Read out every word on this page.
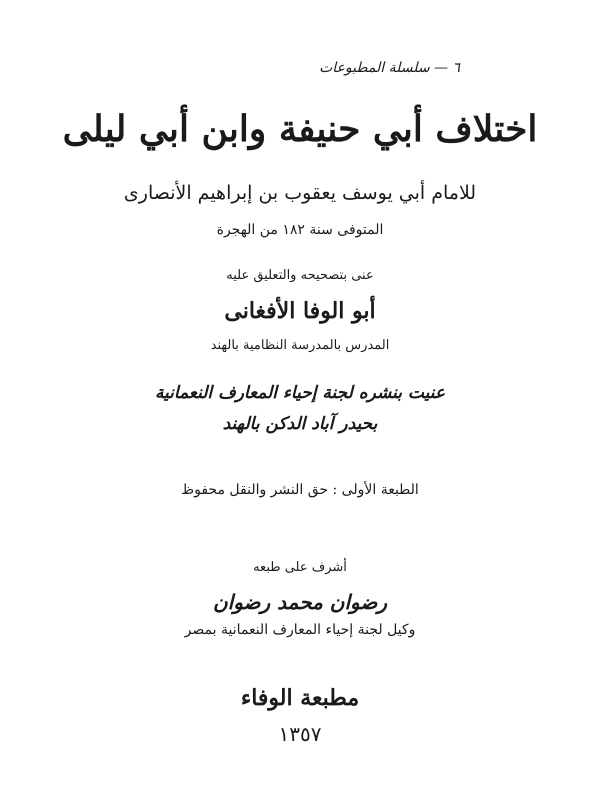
٦ — سلسلة المطبوعات
اختلاف أبي حنيفة وابن أبي ليلى
للامام أبي يوسف يعقوب بن إبراهيم الأنصارى
المتوفى سنة ١٨٢ من الهجرة
عنى بتصحيحه والتعليق عليه
أبو الوفا الأفغانى
المدرس بالمدرسة النظامية بالهند
عنيت بنشره لجنة إحياء المعارف النعمانية
بحيدر آباد الدكن بالهند
الطبعة الأولى : حق النشر والنقل محفوظ
أشرف على طبعه
رضوان محمد رضوان
وكيل لجنة إحياء المعارف النعمانية بمصر
مطبعة الوفاء
١٣٥٧
